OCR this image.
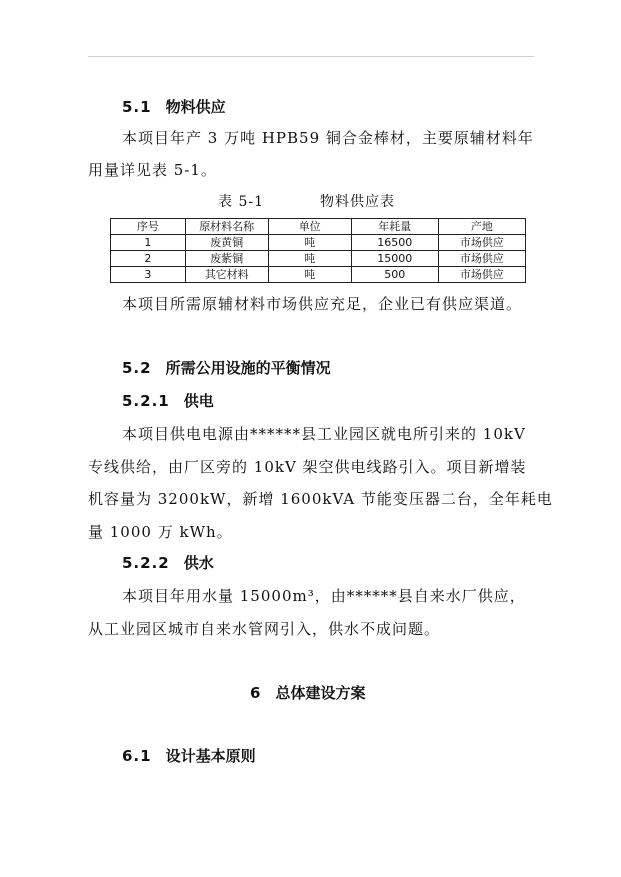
5.1 物料供应
本项目年产 3 万吨 HPB59 铜合金棒材，主要原辅材料年
用量详见表 5-1。
表 5-1	物料供应表
序号	原材料名称	单位	年耗量	产地
1	废黄铜	吨	16500	市场供应
2	废紫铜	吨	15000	市场供应
3	其它材料	吨	500	市场供应
本项目所需原辅材料市场供应充足，企业已有供应渠道。
5.2 所需公用设施的平衡情况
5.2.1 供电
本项目供电电源由******县工业园区就电所引来的 10kV
专线供给，由厂区旁的 10kV 架空供电线路引入。项目新增装
机容量为 3200kW，新增 1600kVA 节能变压器二台，全年耗电
量 1000 万 kWh。
5.2.2 供水
本项目年用水量 15000m³，由******县自来水厂供应，
从工业园区城市自来水管网引入，供水不成问题。
6 总体建设方案
6.1 设计基本原则
